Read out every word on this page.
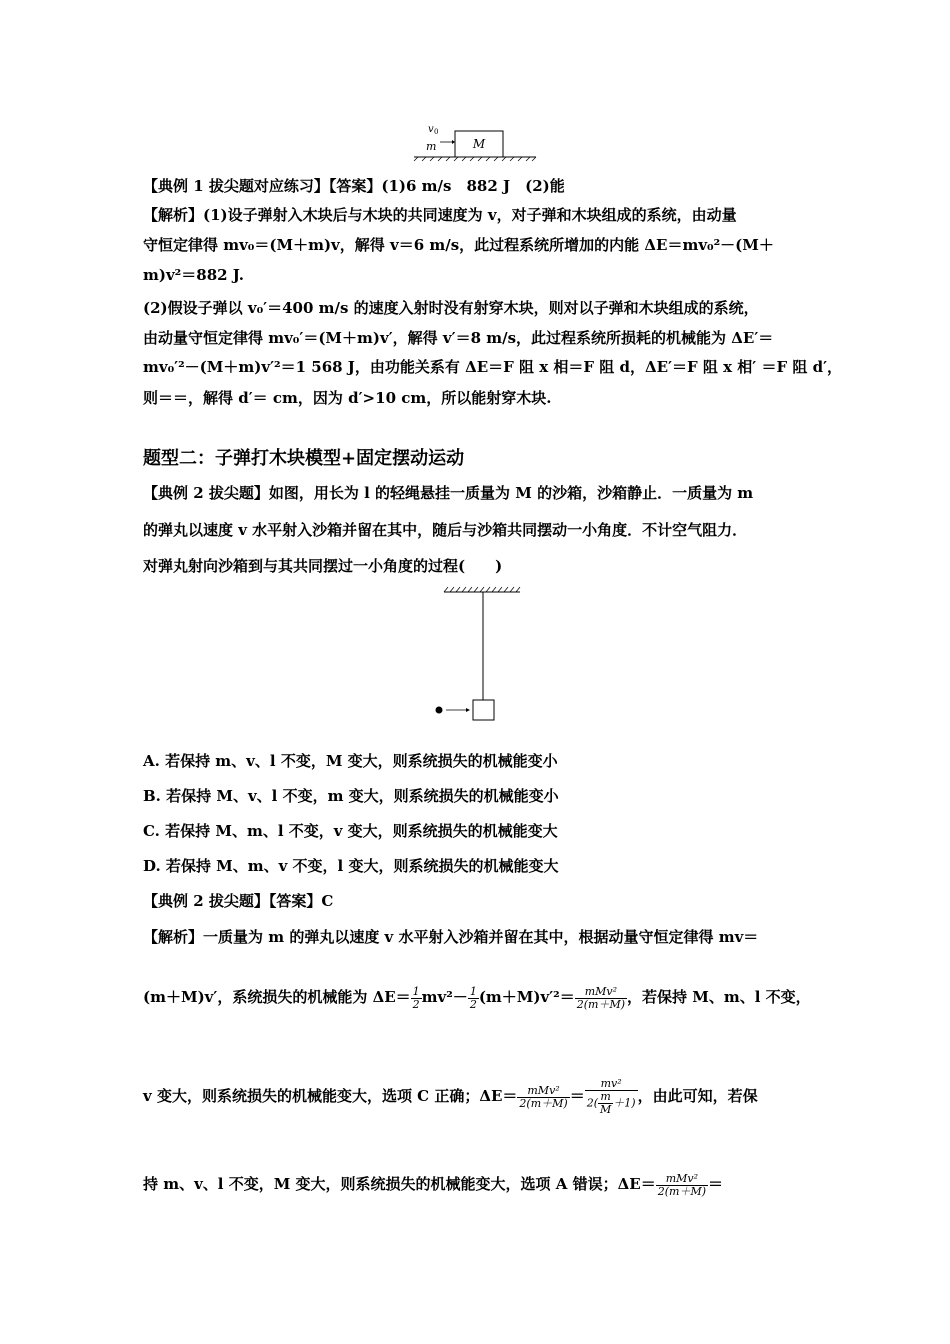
M
v 0
m
【典例 1 拔尖题对应练习】【答案】(1)6 m/s　882 J　(2)能
【解析】(1)设子弹射入木块后与木块的共同速度为 v，对子弹和木块组成的系统，由动量
守恒定律得 mv₀＝(M＋m)v，解得 v＝6 m/s，此过程系统所增加的内能 ΔE＝mv₀²－(M＋
m)v²＝882 J.
(2)假设子弹以 v₀′＝400 m/s 的速度入射时没有射穿木块，则对以子弹和木块组成的系统，
由动量守恒定律得 mv₀′＝(M＋m)v′，解得 v′＝8 m/s，此过程系统所损耗的机械能为 ΔE′＝
mv₀′²－(M＋m)v′²＝1 568 J，由功能关系有 ΔE＝F 阻 x 相＝F 阻 d，ΔE′＝F 阻 x 相′ ＝F 阻 d′，
则＝＝，解得 d′＝ cm，因为 d′>10 cm，所以能射穿木块.
题型二：子弹打木块模型+固定摆动运动
【典例 2 拔尖题】如图，用长为 l 的轻绳悬挂一质量为 M 的沙箱，沙箱静止．一质量为 m
的弹丸以速度 v 水平射入沙箱并留在其中，随后与沙箱共同摆动一小角度．不计空气阻力．
对弹丸射向沙箱到与其共同摆过一小角度的过程(　　)
A. 若保持 m、v、l 不变，M 变大，则系统损失的机械能变小
B. 若保持 M、v、l 不变，m 变大，则系统损失的机械能变小
C. 若保持 M、m、l 不变，v 变大，则系统损失的机械能变大
D. 若保持 M、m、v 不变，l 变大，则系统损失的机械能变大
【典例 2 拔尖题】【答案】C
【解析】一质量为 m 的弹丸以速度 v 水平射入沙箱并留在其中，根据动量守恒定律得 mv＝
(m＋M)v′，系统损失的机械能为 $\Delta E= \frac{1}{2} mv^2- \frac{1}{2} (m+M)v'^2= \frac{\text{mMv²}}{2(m+M)}$ ，若保持 M、m、l 不变，
v 变大，则系统损失的机械能变大，选项 C 正确；$\Delta E= \frac{\text{mMv²}}{2(m+M)} = \frac{\text{mv²}}{2( \frac{m}{M} +1)}$ ，由此可知，若保
持 m、v、l 不变，M 变大，则系统损失的机械能变大，选项 A 错误；$\Delta E= \frac{\text{mMv²}}{2(m+M)}$ ＝
